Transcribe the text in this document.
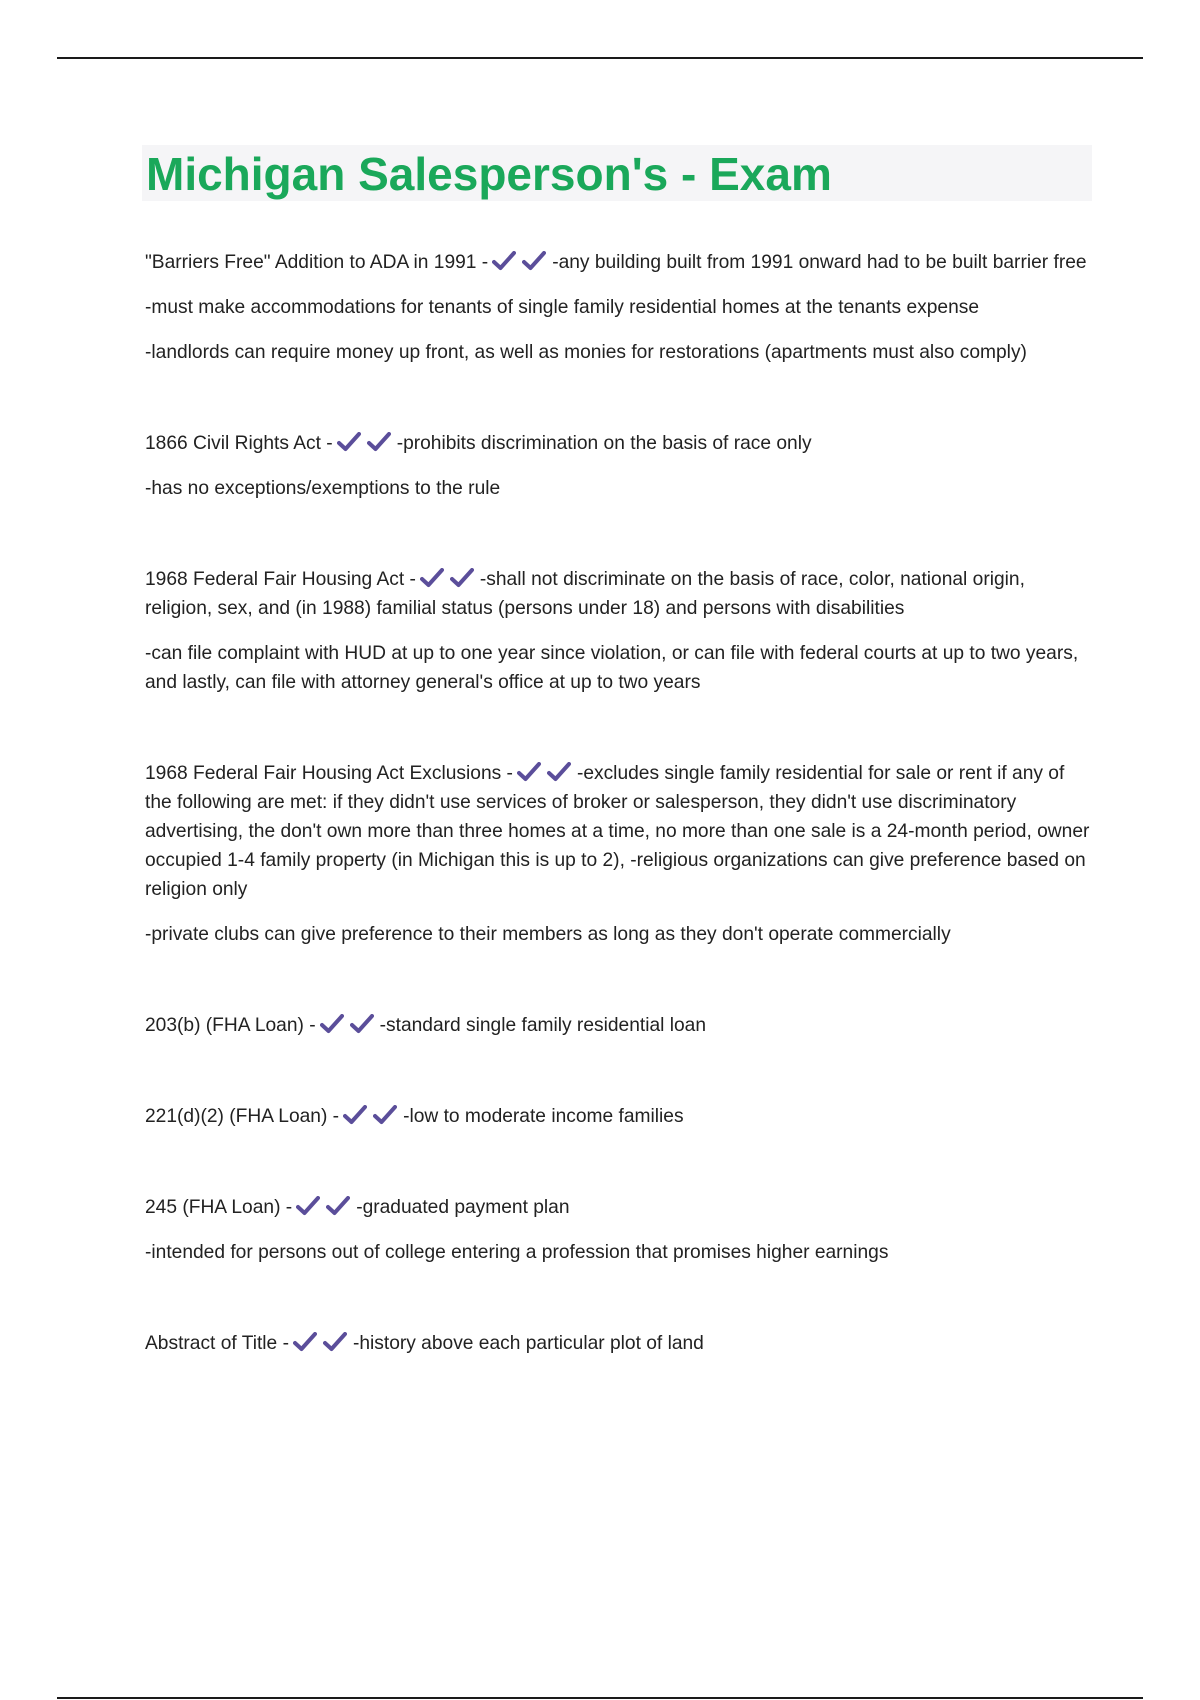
Michigan Salesperson's - Exam

"Barriers Free" Addition to ADA in 1991 -	-any building built from 1991 onward had to be built barrier free

-must make accommodations for tenants of single family residential homes at the tenants expense

-landlords can require money up front, as well as monies for restorations (apartments must also comply)

1866 Civil Rights Act -	-prohibits discrimination on the basis of race only

-has no exceptions/exemptions to the rule

1968 Federal Fair Housing Act -	-shall not discriminate on the basis of race, color, national origin, religion, sex, and (in 1988) familial status (persons under 18) and persons with disabilities

-can file complaint with HUD at up to one year since violation, or can file with federal courts at up to two years, and lastly, can file with attorney general's office at up to two years

1968 Federal Fair Housing Act Exclusions -	-excludes single family residential for sale or rent if any of the following are met: if they didn't use services of broker or salesperson, they didn't use discriminatory advertising, the don't own more than three homes at a time, no more than one sale is a 24-month period, owner occupied 1-4 family property (in Michigan this is up to 2), -religious organizations can give preference based on religion only

-private clubs can give preference to their members as long as they don't operate commercially

203(b) (FHA Loan) -	-standard single family residential loan

221(d)(2) (FHA Loan) -	-low to moderate income families

245 (FHA Loan) -	-graduated payment plan

-intended for persons out of college entering a profession that promises higher earnings

Abstract of Title -	-history above each particular plot of land
